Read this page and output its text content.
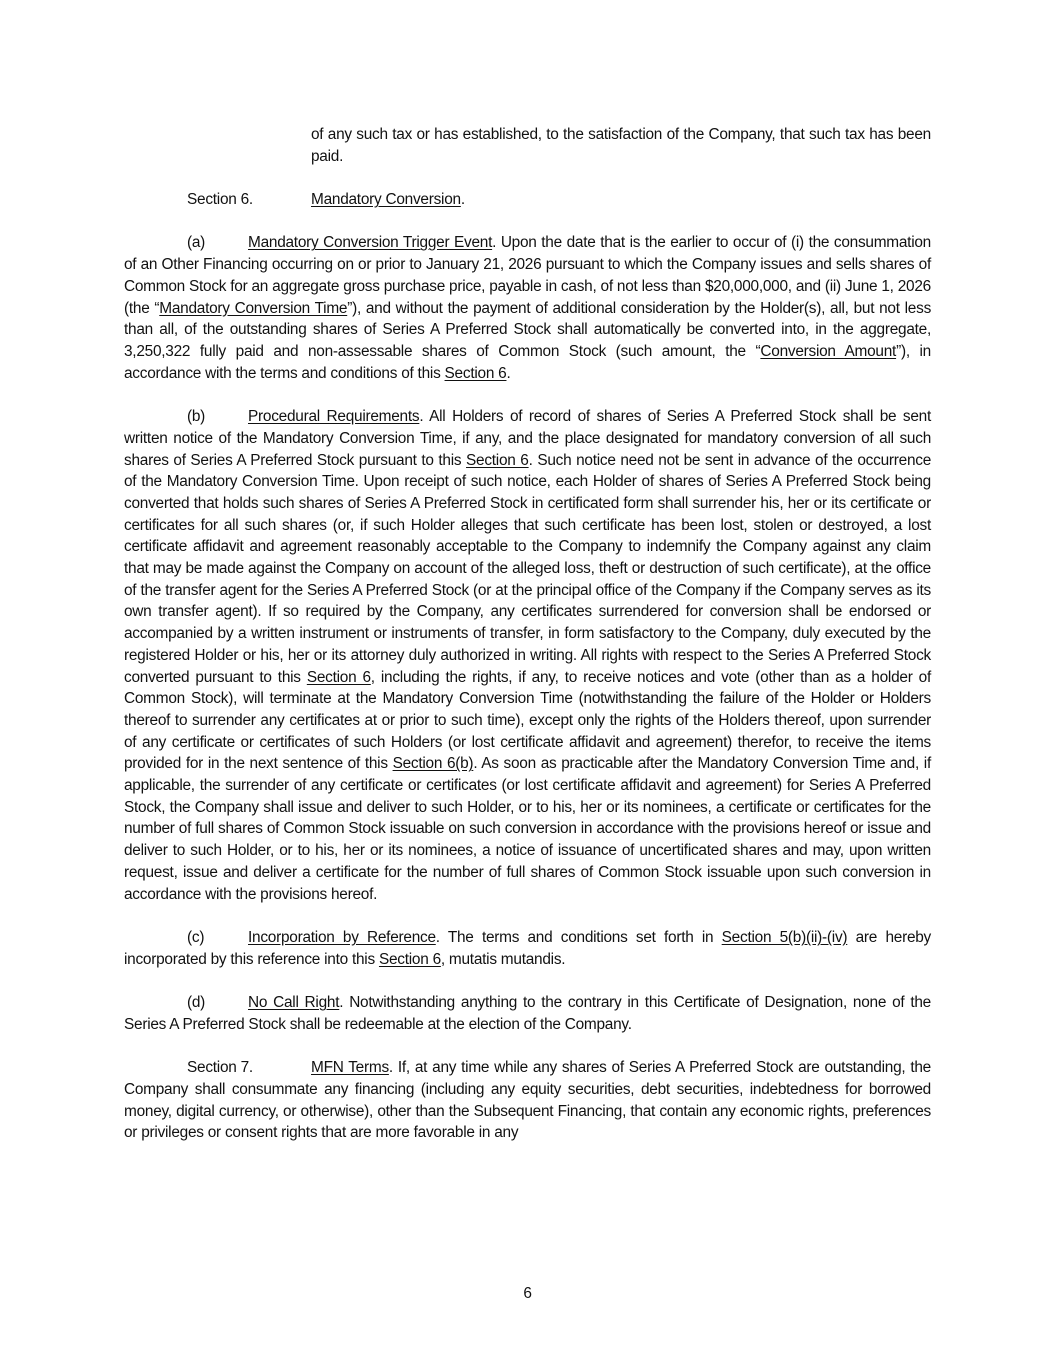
of any such tax or has established, to the satisfaction of the Company, that such tax has been paid.

Section 6.	Mandatory Conversion.

(a)	Mandatory Conversion Trigger Event. Upon the date that is the earlier to occur of (i) the consummation of an Other Financing occurring on or prior to January 21, 2026 pursuant to which the Company issues and sells shares of Common Stock for an aggregate gross purchase price, payable in cash, of not less than $20,000,000, and (ii) June 1, 2026 (the “Mandatory Conversion Time”), and without the payment of additional consideration by the Holder(s), all, but not less than all, of the outstanding shares of Series A Preferred Stock shall automatically be converted into, in the aggregate, 3,250,322 fully paid and non-assessable shares of Common Stock (such amount, the “Conversion Amount”), in accordance with the terms and conditions of this Section 6.

(b)	Procedural Requirements. All Holders of record of shares of Series A Preferred Stock shall be sent written notice of the Mandatory Conversion Time, if any, and the place designated for mandatory conversion of all such shares of Series A Preferred Stock pursuant to this Section 6. Such notice need not be sent in advance of the occurrence of the Mandatory Conversion Time. Upon receipt of such notice, each Holder of shares of Series A Preferred Stock being converted that holds such shares of Series A Preferred Stock in certificated form shall surrender his, her or its certificate or certificates for all such shares (or, if such Holder alleges that such certificate has been lost, stolen or destroyed, a lost certificate affidavit and agreement reasonably acceptable to the Company to indemnify the Company against any claim that may be made against the Company on account of the alleged loss, theft or destruction of such certificate), at the office of the transfer agent for the Series A Preferred Stock (or at the principal office of the Company if the Company serves as its own transfer agent). If so required by the Company, any certificates surrendered for conversion shall be endorsed or accompanied by a written instrument or instruments of transfer, in form satisfactory to the Company, duly executed by the registered Holder or his, her or its attorney duly authorized in writing. All rights with respect to the Series A Preferred Stock converted pursuant to this Section 6, including the rights, if any, to receive notices and vote (other than as a holder of Common Stock), will terminate at the Mandatory Conversion Time (notwithstanding the failure of the Holder or Holders thereof to surrender any certificates at or prior to such time), except only the rights of the Holders thereof, upon surrender of any certificate or certificates of such Holders (or lost certificate affidavit and agreement) therefor, to receive the items provided for in the next sentence of this Section 6(b). As soon as practicable after the Mandatory Conversion Time and, if applicable, the surrender of any certificate or certificates (or lost certificate affidavit and agreement) for Series A Preferred Stock, the Company shall issue and deliver to such Holder, or to his, her or its nominees, a certificate or certificates for the number of full shares of Common Stock issuable on such conversion in accordance with the provisions hereof or issue and deliver to such Holder, or to his, her or its nominees, a notice of issuance of uncertificated shares and may, upon written request, issue and deliver a certificate for the number of full shares of Common Stock issuable upon such conversion in accordance with the provisions hereof.

(c)	Incorporation by Reference. The terms and conditions set forth in Section 5(b)(ii)-(iv) are hereby incorporated by this reference into this Section 6, mutatis mutandis.

(d)	No Call Right. Notwithstanding anything to the contrary in this Certificate of Designation, none of the Series A Preferred Stock shall be redeemable at the election of the Company.

Section 7.	MFN Terms. If, at any time while any shares of Series A Preferred Stock are outstanding, the Company shall consummate any financing (including any equity securities, debt securities, indebtedness for borrowed money, digital currency, or otherwise), other than the Subsequent Financing, that contain any economic rights, preferences or privileges or consent rights that are more favorable in any

6
